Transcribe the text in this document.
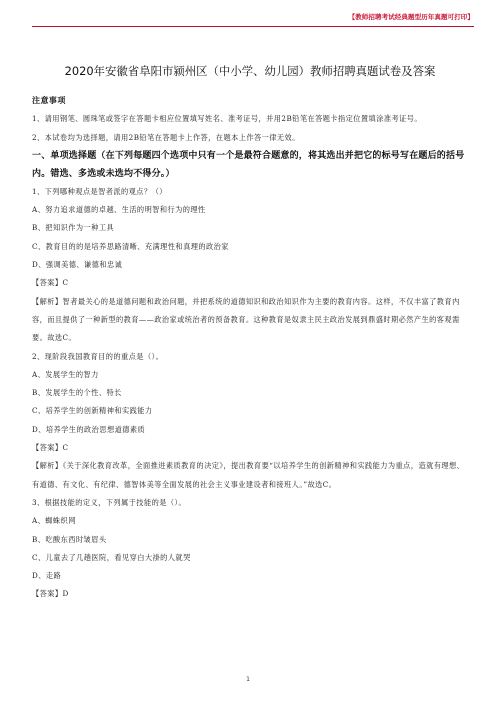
【教师招聘考试经典题型历年真题可打印】
2020年安徽省阜阳市颍州区（中小学、幼儿园）教师招聘真题试卷及答案
注意事项
1、请用钢笔、圆珠笔或签字在答题卡相应位置填写姓名、准考证号，并用2B铅笔在答题卡指定位置填涂准考证号。
2、本试卷均为选择题，请用2B铅笔在答题卡上作答，在题本上作答一律无效。
一、单项选择题（在下列每题四个选项中只有一个是最符合题意的，将其选出并把它的标号写在题后的括号内。错选、多选或未选均不得分。）
1、下列哪种观点是智者派的观点？（）
A、努力追求道德的卓越、生活的明智和行为的理性
B、把知识作为一种工具
C、教育目的的是培养思路清晰、充满理性和真理的政治家
D、强调美德、谦德和忠诚
【答案】C
【解析】智者最关心的是道德问题和政治问题，并把系统的道德知识和政治知识作为主要的教育内容。这样，不仅丰富了教育内容，而且提供了一种新型的教育——政治家或统治者的预备教育。这种教育是奴隶主民主政治发展到鼎盛时期必然产生的客观需要。故选C。
2、现阶段我国教育目的的重点是（）。
A、发展学生的智力
B、发展学生的个性、特长
C、培养学生的创新精神和实践能力
D、培养学生的政治思想道德素质
【答案】C
【解析】《关于深化教育改革，全面推进素质教育的决定》，提出教育要“以培养学生的创新精神和实践能力为重点，造就有理想、有道德、有文化、有纪律、德智体美等全面发展的社会主义事业建设者和接班人。”故选C。
3、根据技能的定义，下列属于技能的是（）。
A、蜘蛛织网
B、吃酸东西时皱眉头
C、儿童去了几趟医院，看见穿白大褂的人就哭
D、走路
【答案】D
1
